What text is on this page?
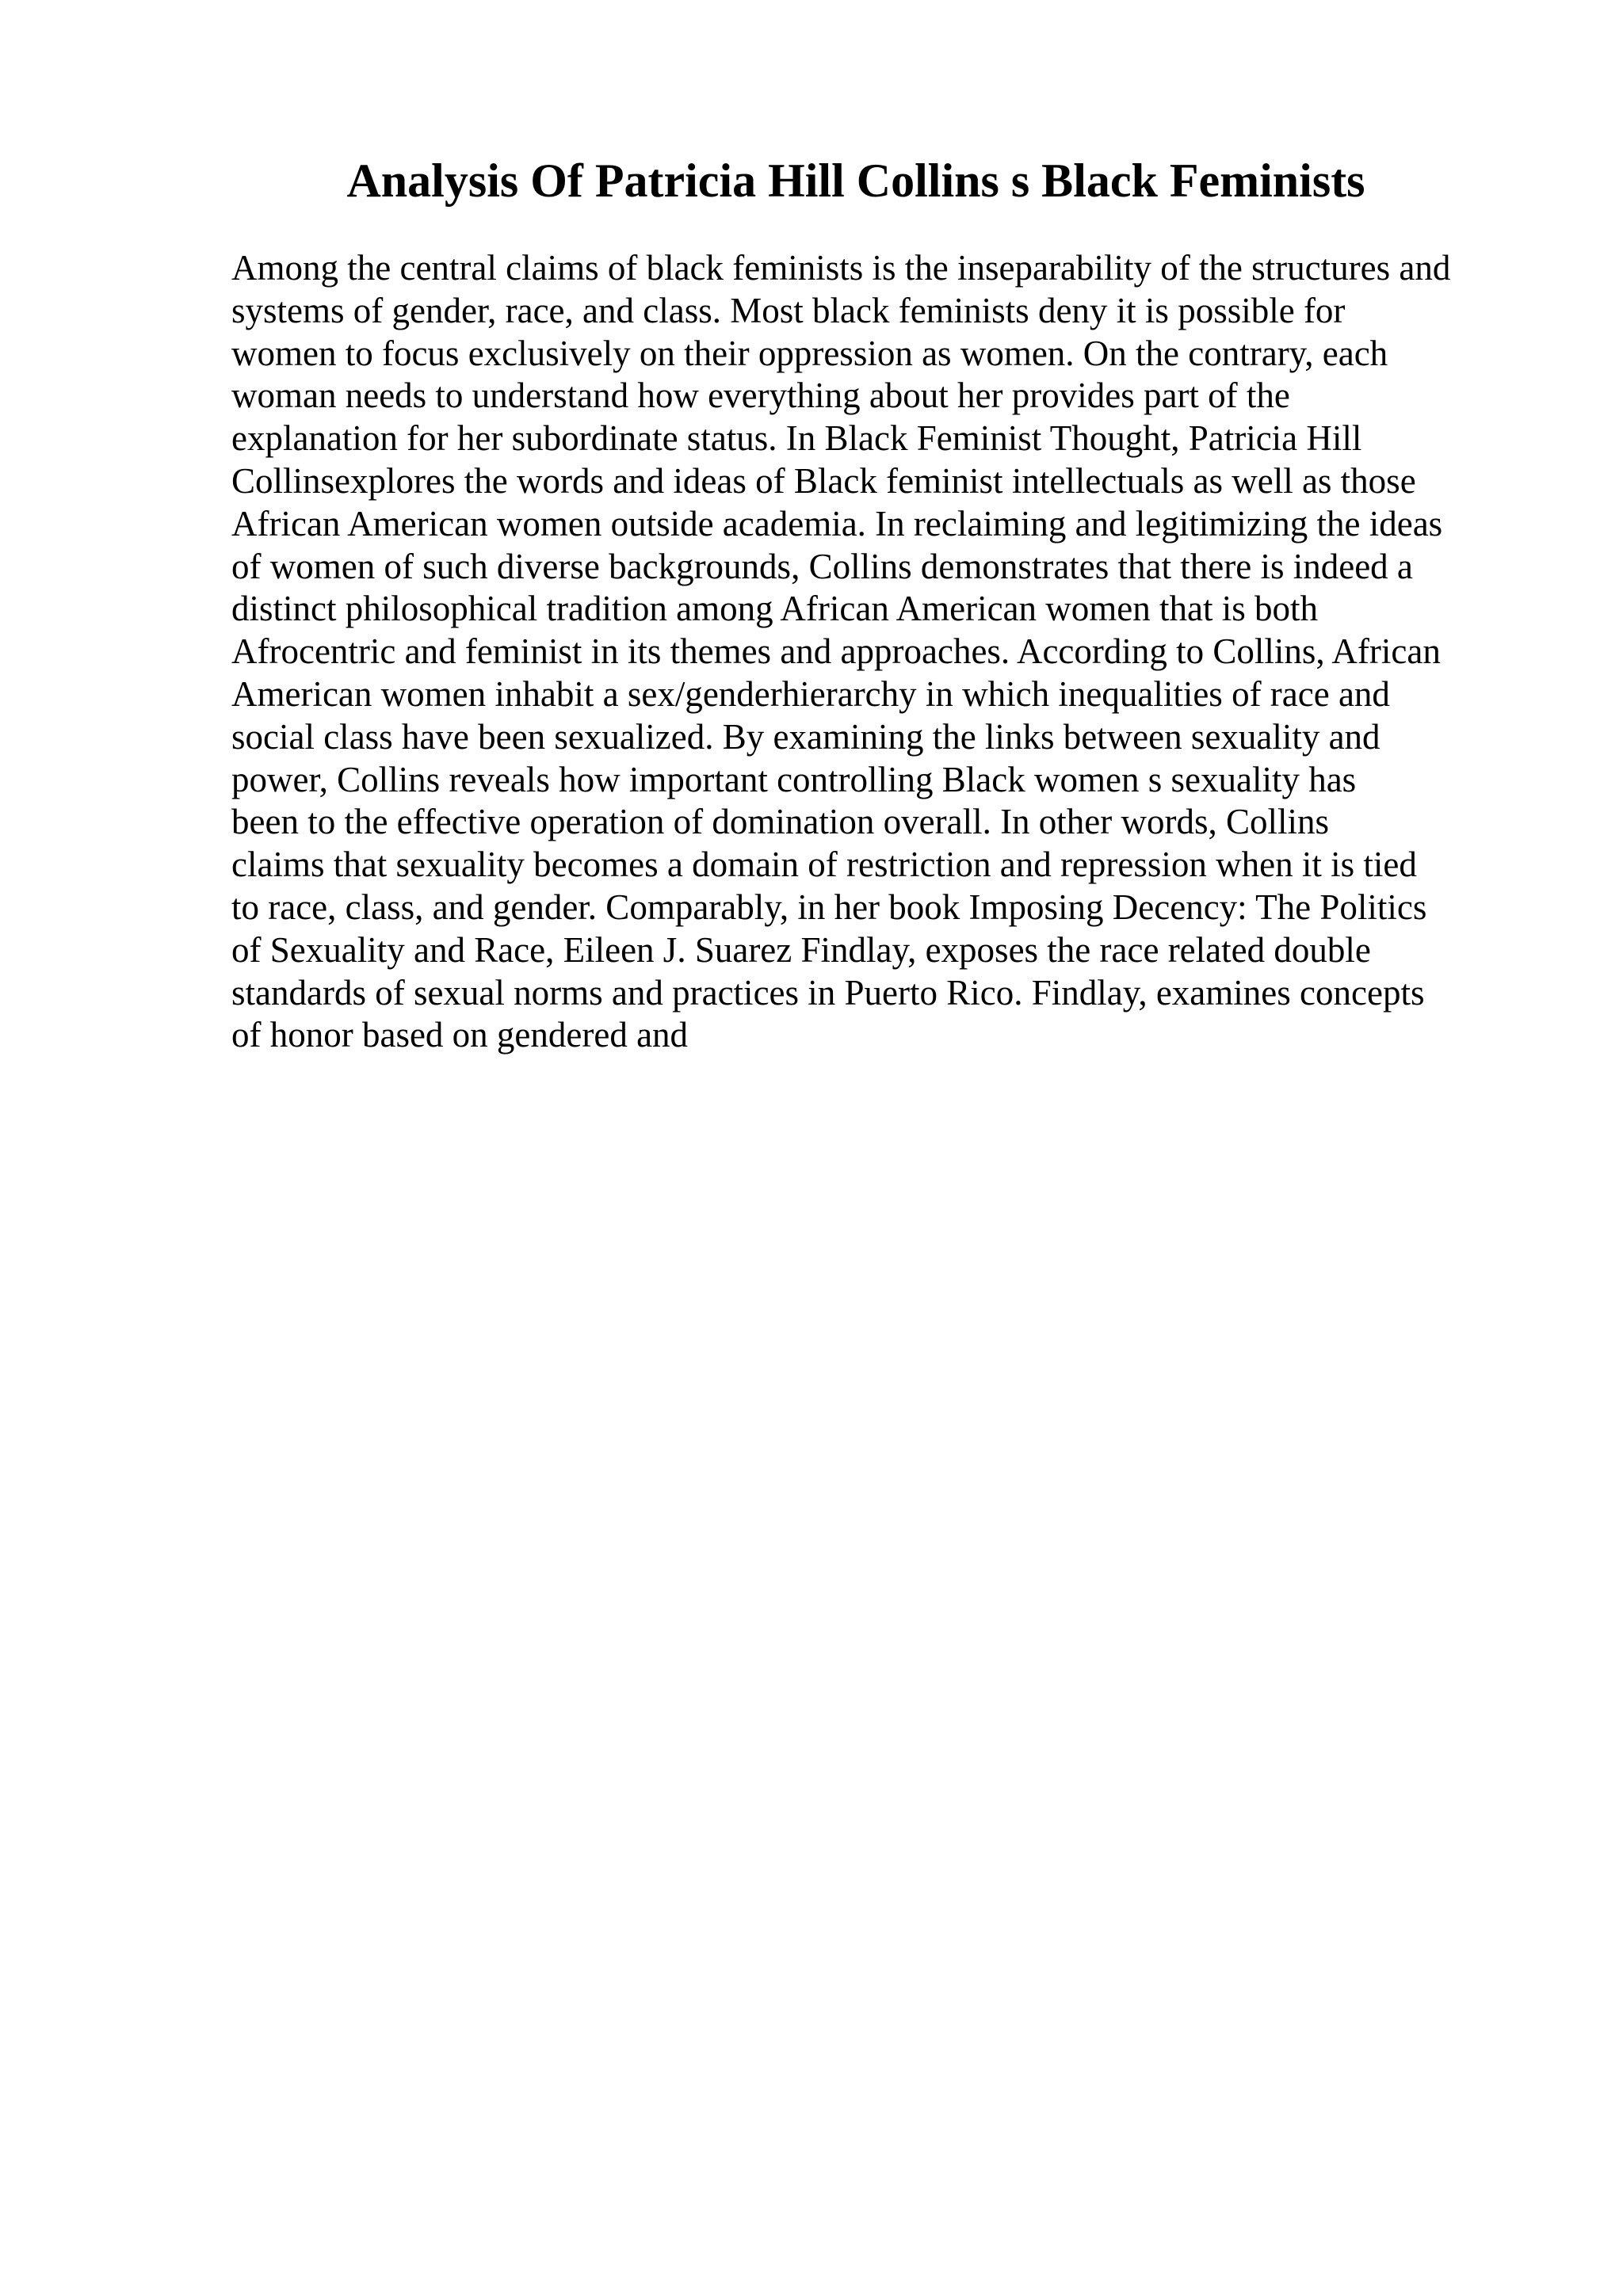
Analysis Of Patricia Hill Collins s Black Feminists
Among the central claims of black feminists is the inseparability of the structures and
systems of gender, race, and class. Most black feminists deny it is possible for
women to focus exclusively on their oppression as women. On the contrary, each
woman needs to understand how everything about her provides part of the
explanation for her subordinate status. In Black Feminist Thought, Patricia Hill
Collinsexplores the words and ideas of Black feminist intellectuals as well as those
African American women outside academia. In reclaiming and legitimizing the ideas
of women of such diverse backgrounds, Collins demonstrates that there is indeed a
distinct philosophical tradition among African American women that is both
Afrocentric and feminist in its themes and approaches. According to Collins, African
American women inhabit a sex/genderhierarchy in which inequalities of race and
social class have been sexualized. By examining the links between sexuality and
power, Collins reveals how important controlling Black women s sexuality has
been to the effective operation of domination overall. In other words, Collins
claims that sexuality becomes a domain of restriction and repression when it is tied
to race, class, and gender. Comparably, in her book Imposing Decency: The Politics
of Sexuality and Race, Eileen J. Suarez Findlay, exposes the race related double
standards of sexual norms and practices in Puerto Rico. Findlay, examines concepts
of honor based on gendered and
